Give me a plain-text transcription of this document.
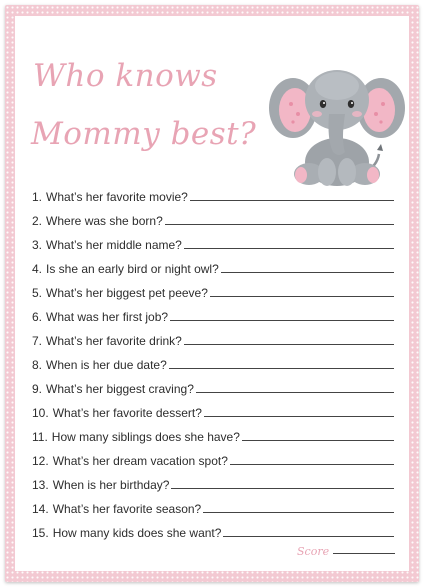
Who knows
Mommy best?
1. What’s her favorite movie?
2. Where was she born?
3. What’s her middle name?
4. Is she an early bird or night owl?
5. What’s her biggest pet peeve?
6. What was her first job?
7. What’s her favorite drink?
8. When is her due date?
9. What’s her biggest craving?
10. What’s her favorite dessert?
11. How many siblings does she have?
12. What’s her dream vacation spot?
13. When is her birthday?
14. What’s her favorite season?
15. How many kids does she want?
Score
